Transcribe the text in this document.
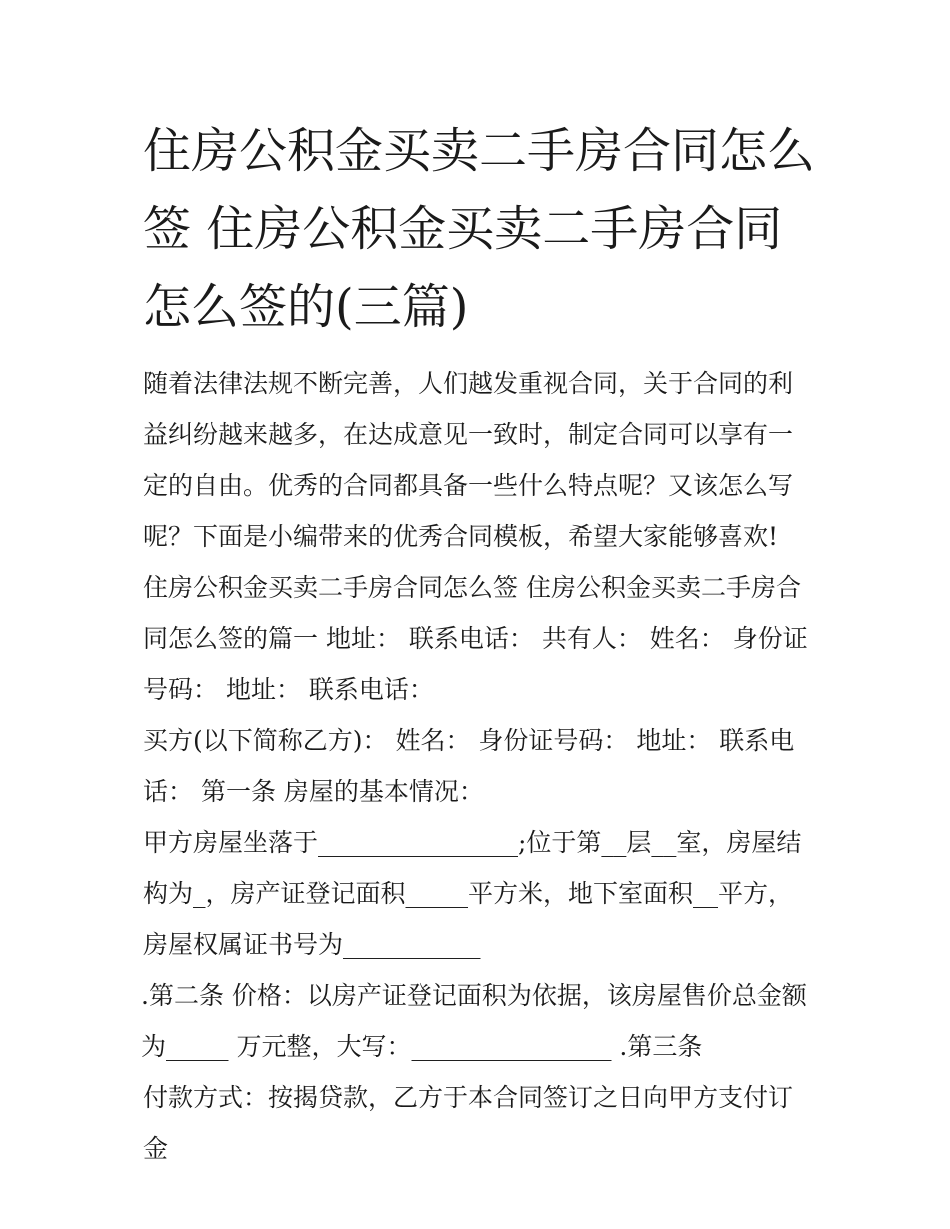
住房公积金买卖二手房合同怎么签 住房公积金买卖二手房合同怎么签的(三篇)

随着法律法规不断完善，人们越发重视合同，关于合同的利益纠纷越来越多，在达成意见一致时，制定合同可以享有一定的自由。优秀的合同都具备一些什么特点呢？又该怎么写呢？下面是小编带来的优秀合同模板，希望大家能够喜欢!

住房公积金买卖二手房合同怎么签 住房公积金买卖二手房合同怎么签的篇一 地址： 联系电话： 共有人： 姓名： 身份证号码： 地址： 联系电话：

买方(以下简称乙方)： 姓名： 身份证号码： 地址： 联系电话： 第一条 房屋的基本情况：

甲方房屋坐落于________________;位于第__层__室，房屋结构为_，房产证登记面积_____平方米，地下室面积__平方，房屋权属证书号为___________

.第二条 价格：以房产证登记面积为依据，该房屋售价总金额为_____ 万元整，大写：________________ .第三条

付款方式：按揭贷款，乙方于本合同签订之日向甲方支付订金
